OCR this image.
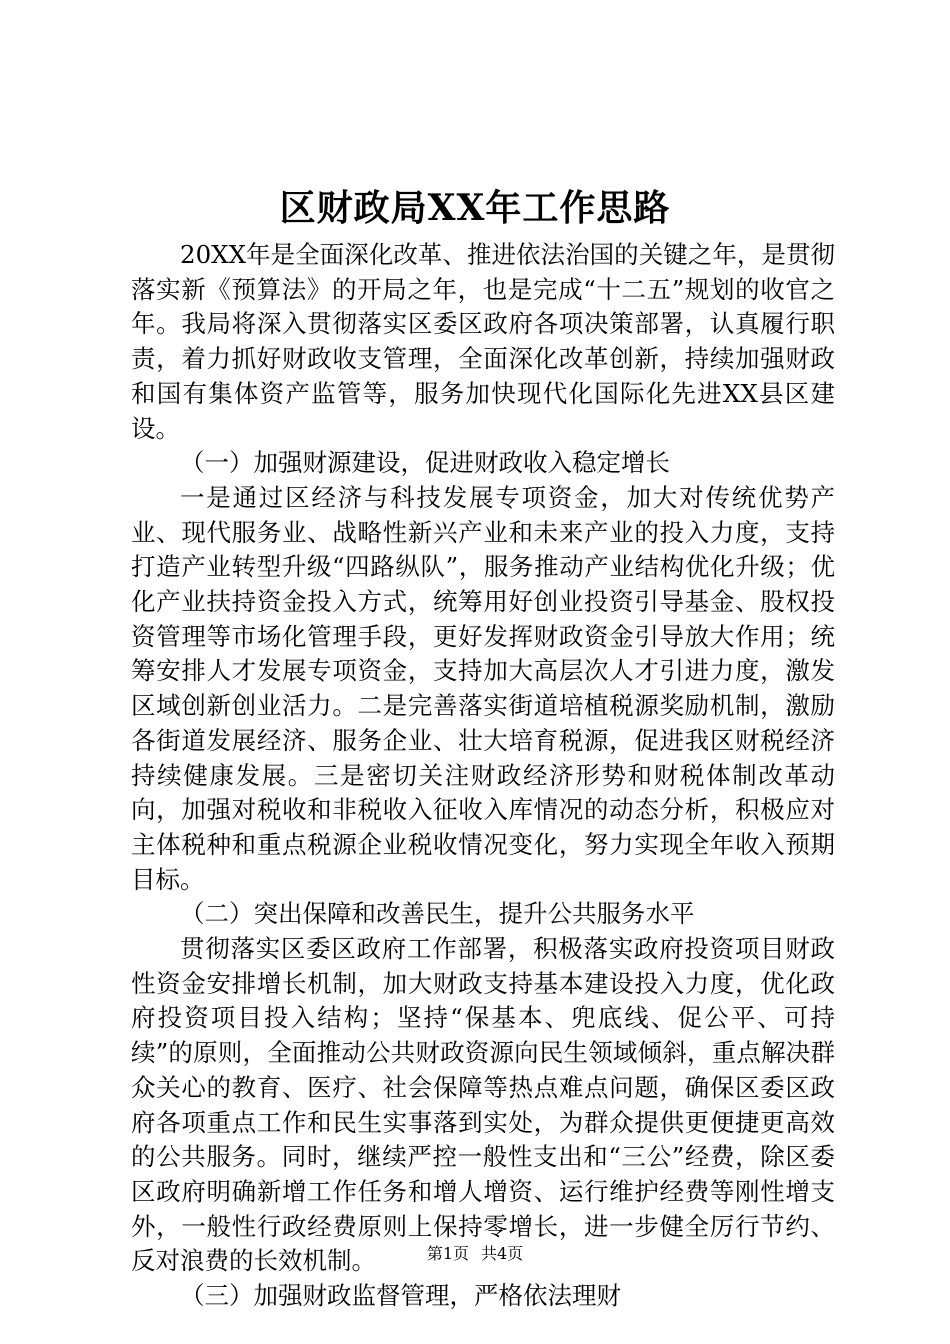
区财政局XX年工作思路

20XX年是全面深化改革、推进依法治国的关键之年，是贯彻落实新《预算法》的开局之年，也是完成“十二五”规划的收官之年。我局将深入贯彻落实区委区政府各项决策部署，认真履行职责，着力抓好财政收支管理，全面深化改革创新，持续加强财政和国有集体资产监管等，服务加快现代化国际化先进XX县区建设。

（一）加强财源建设，促进财政收入稳定增长

一是通过区经济与科技发展专项资金，加大对传统优势产业、现代服务业、战略性新兴产业和未来产业的投入力度，支持打造产业转型升级“四路纵队”，服务推动产业结构优化升级；优化产业扶持资金投入方式，统筹用好创业投资引导基金、股权投资管理等市场化管理手段，更好发挥财政资金引导放大作用；统筹安排人才发展专项资金，支持加大高层次人才引进力度，激发区域创新创业活力。二是完善落实街道培植税源奖励机制，激励各街道发展经济、服务企业、壮大培育税源，促进我区财税经济持续健康发展。三是密切关注财政经济形势和财税体制改革动向，加强对税收和非税收入征收入库情况的动态分析，积极应对主体税种和重点税源企业税收情况变化，努力实现全年收入预期目标。

（二）突出保障和改善民生，提升公共服务水平

贯彻落实区委区政府工作部署，积极落实政府投资项目财政性资金安排增长机制，加大财政支持基本建设投入力度，优化政府投资项目投入结构；坚持“保基本、兜底线、促公平、可持续”的原则，全面推动公共财政资源向民生领域倾斜，重点解决群众关心的教育、医疗、社会保障等热点难点问题，确保区委区政府各项重点工作和民生实事落到实处，为群众提供更便捷更高效的公共服务。同时，继续严控一般性支出和“三公”经费，除区委区政府明确新增工作任务和增人增资、运行维护经费等刚性增支外，一般性行政经费原则上保持零增长，进一步健全厉行节约、反对浪费的长效机制。

（三）加强财政监督管理，严格依法理财

第1页 共4页
